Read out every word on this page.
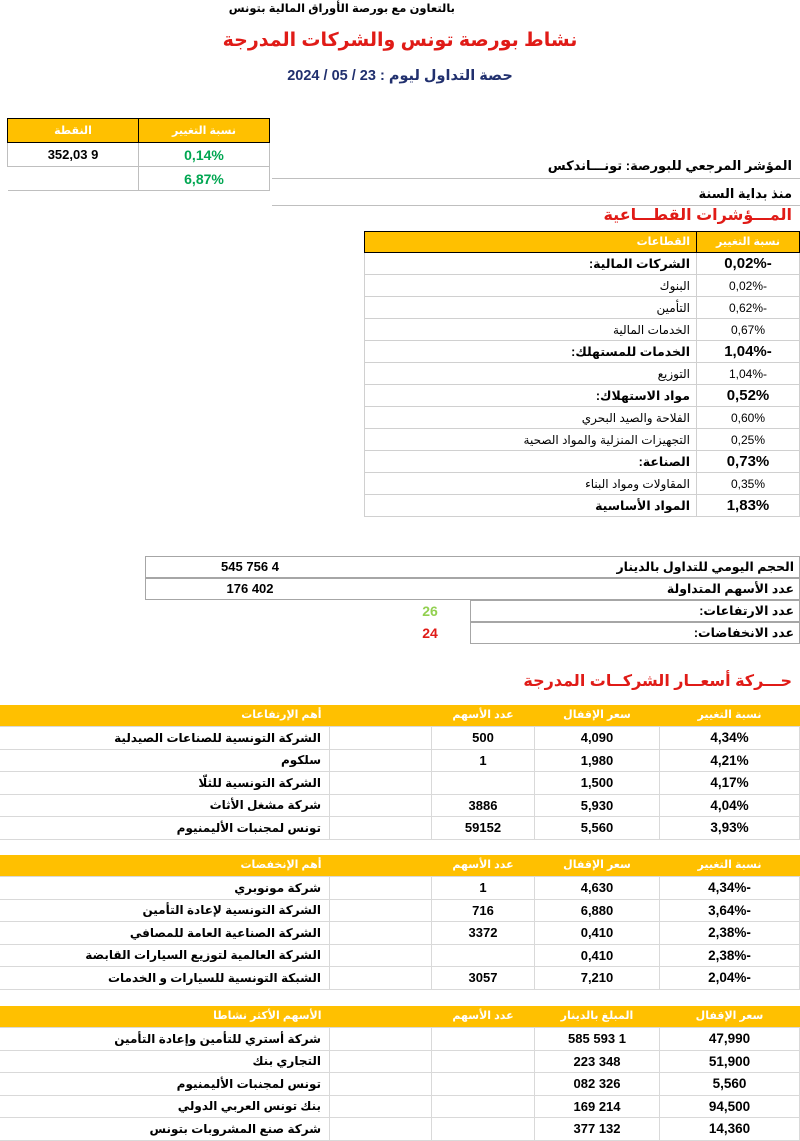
بالتعاون مع بورصة الأوراق المالية بتونس
نشاط بورصة تونس والشركات المدرجة
حصة التداول ليوم : 23 / 05 / 2024
المؤشر المرجعي للبورصة: تونـــاندكس
منذ بداية السنة
نسبة التغيير	النقطة
0,14%	9 352,03
6,87%	
المـــؤشرات القطـــاعية
نسبة التغيير	القطاعات
-0,02%	الشركات المالية:
-0,02%	البنوك
-0,62%	التأمين
0,67%	الخدمات المالية
-1,04%	الخدمات للمستهلك:
-1,04%	التوزيع
0,52%	مواد الاستهلاك:
0,60%	الفلاحة والصيد البحري
0,25%	التجهيزات المنزلية والمواد الصحية
0,73%	الصناعة:
0,35%	المقاولات ومواد البناء
1,83%	المواد الأساسية
الحجم اليومي للتداول بالدينار
4 756 545
عدد الأسهم المتداولة
402 176
عدد الارتفاعات:
26
عدد الانخفاضات:
24
حـــركة أسعــار الشركــات المدرجة
نسبة التغيير	سعر الإقفال	عدد الأسهم		أهم الإرتفاعات
4,34%	4,090	500		الشركة التونسية للصناعات الصيدلية
4,21%	1,980	1		سلكوم
4,17%	1,500			الشركة التونسية للثلّا
4,04%	5,930	3886		شركة مشغل الأثاث
3,93%	5,560	59152		تونس لمجنبات الأليمنيوم
نسبة التغيير	سعر الإقفال	عدد الأسهم		أهم الإنخفضات
-4,34%	4,630	1		شركة مونوبري
-3,64%	6,880	716		الشركة التونسية لإعادة التأمين
-2,38%	0,410	3372		الشركة الصناعية العامة للمصافي
-2,38%	0,410			الشركة العالمية لتوزيع السيارات القابضة
-2,04%	7,210	3057		الشبكة التونسية للسيارات و الخدمات
سعر الإقفال	المبلغ بالدينار	عدد الأسهم		الأسهم الأكثر نشاطا
47,990	1 593 585			شركة أستري للتأمين وإعادة التأمين
51,900	348 223			التجاري بنك
5,560	326 082			تونس لمجنبات الأليمنيوم
94,500	214 169			بنك تونس العربي الدولي
14,360	132 377			شركة صنع المشروبات بتونس
